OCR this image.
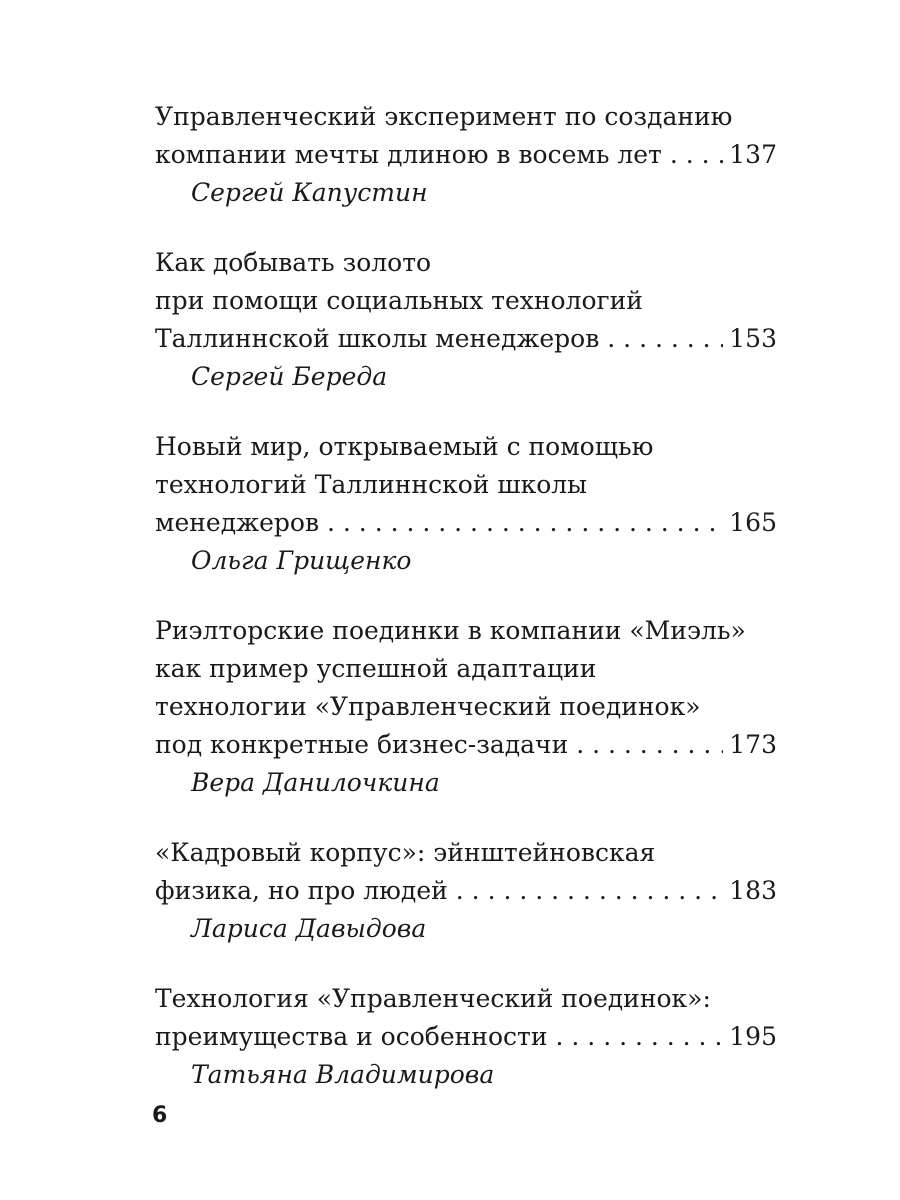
Управленческий эксперимент по созданию
компании мечты длиною в восемь лет . . .	137
Сергей Капустин
Как добывать золото
при помощи социальных технологий
Таллиннской школы менеджеров . . .	153
Сергей Береда
Новый мир, открываемый с помощью
технологий Таллиннской школы
менеджеров . . .	165
Ольга Грищенко
Риэлторские поединки в компании «Миэль»
как пример успешной адаптации
технологии «Управленческий поединок»
под конкретные бизнес-задачи . . .	173
Вера Данилочкина
«Кадровый корпус»: эйнштейновская
физика, но про людей . . .	183
Лариса Давыдова
Технология «Управленческий поединок»:
преимущества и особенности . . .	195
Татьяна Владимирова
6
